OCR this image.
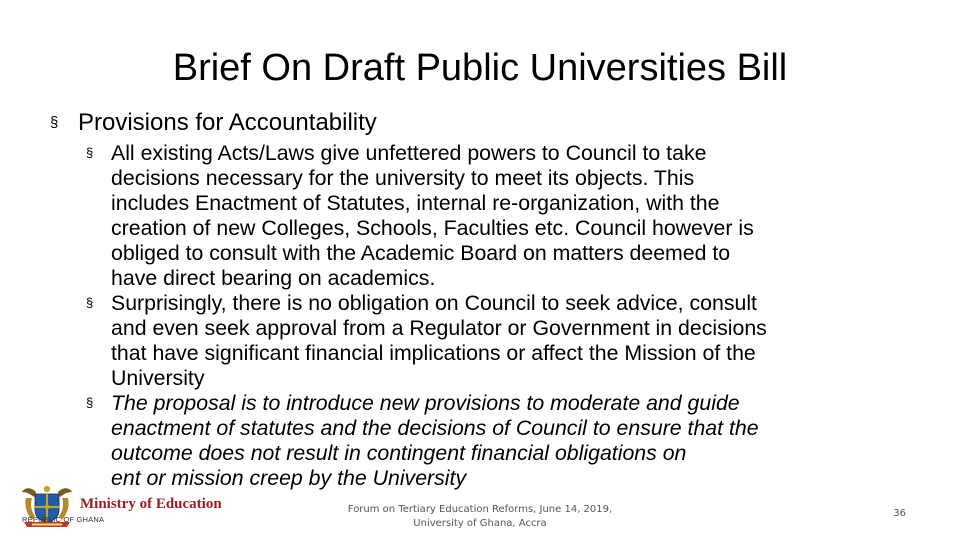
Brief On Draft Public Universities Bill
§ Provisions for Accountability
§ All existing Acts/Laws give unfettered powers to Council to take
decisions necessary for the university to meet its objects. This
includes Enactment of Statutes, internal re-organization, with the
creation of new Colleges, Schools, Faculties etc. Council however is
obliged to consult with the Academic Board on matters deemed to
have direct bearing on academics.
§ Surprisingly, there is no obligation on Council to seek advice, consult
and even seek approval from a Regulator or Government in decisions
that have significant financial implications or affect the Mission of the
University
§ The proposal is to introduce new provisions to moderate and guide
enactment of statutes and the decisions of Council to ensure that the
outcome does not result in contingent financial obligations on
ent or mission creep by the University
Ministry of Education
REPUBLIC OF GHANA
Forum on Tertiary Education Reforms, June 14, 2019,
University of Ghana, Accra
36
